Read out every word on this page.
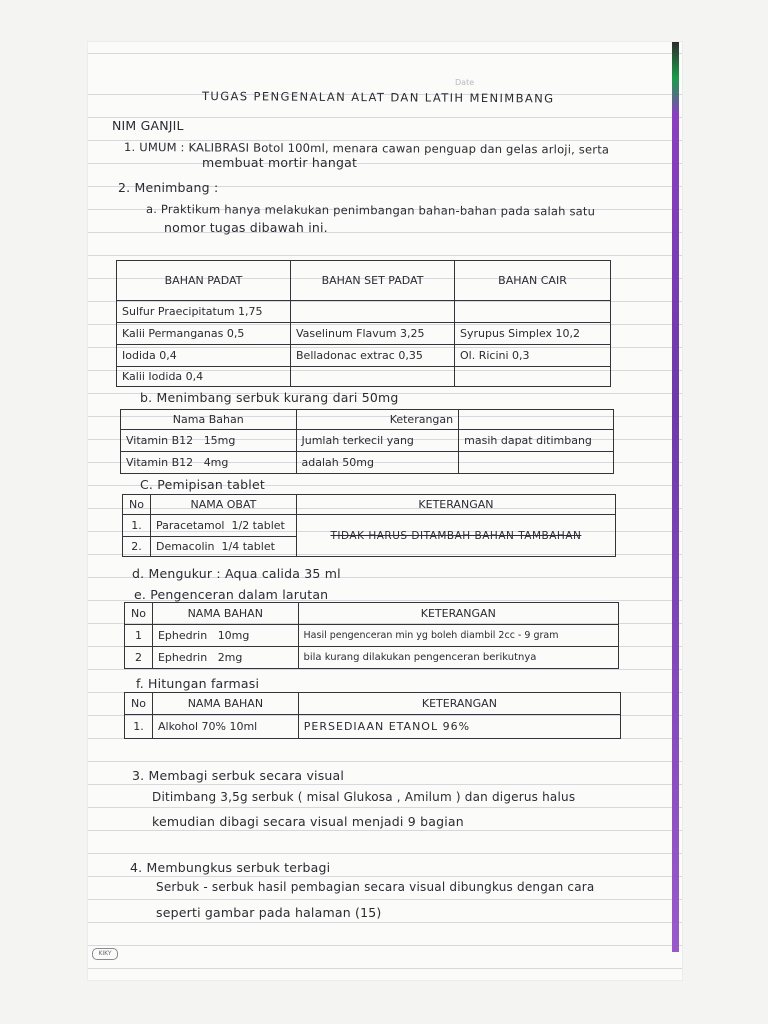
Date
TUGAS PENGENALAN ALAT DAN LATIH MENIMBANG
NIM GANJIL
1. UMUM : KALIBRASI Botol 100ml, menara cawan penguap dan gelas arloji, serta
membuat mortir hangat
2. Menimbang :
a. Praktikum hanya melakukan penimbangan bahan-bahan pada salah satu
nomor tugas dibawah ini.
BAHAN PADAT	BAHAN SET PADAT	BAHAN CAIR
Sulfur Praecipitatum 1,75		
Kalii Permanganas 0,5	Vaselinum Flavum 3,25	Syrupus Simplex 10,2
Iodida 0,4	Belladonac extrac 0,35	Ol. Ricini 0,3
Kalii Iodida 0,4		
b. Menimbang serbuk kurang dari 50mg
Nama Bahan	Keterangan	
Vitamin B12 15mg	Jumlah terkecil yang	masih dapat ditimbang
Vitamin B12 4mg	adalah 50mg	
C. Pemipisan tablet
No	NAMA OBAT	KETERANGAN
1.	Paracetamol 1/2 tablet	TIDAK HARUS DITAMBAH BAHAN TAMBAHAN
2.	Demacolin 1/4 tablet	
d. Mengukur : Aqua calida 35 ml
e. Pengenceran dalam larutan
No	NAMA BAHAN	KETERANGAN
1	Ephedrin 10mg	Hasil pengenceran min yg boleh diambil 2cc - 9 gram
2	Ephedrin 2mg	bila kurang dilakukan pengenceran berikutnya
f. Hitungan farmasi
No	NAMA BAHAN	KETERANGAN
1.	Alkohol 70% 10ml	PERSEDIAAN ETANOL 96%
3. Membagi serbuk secara visual
Ditimbang 3,5g serbuk ( misal Glukosa , Amilum ) dan digerus halus
kemudian dibagi secara visual menjadi 9 bagian
4. Membungkus serbuk terbagi
Serbuk - serbuk hasil pembagian secara visual dibungkus dengan cara
seperti gambar pada halaman (15)
KIKY
